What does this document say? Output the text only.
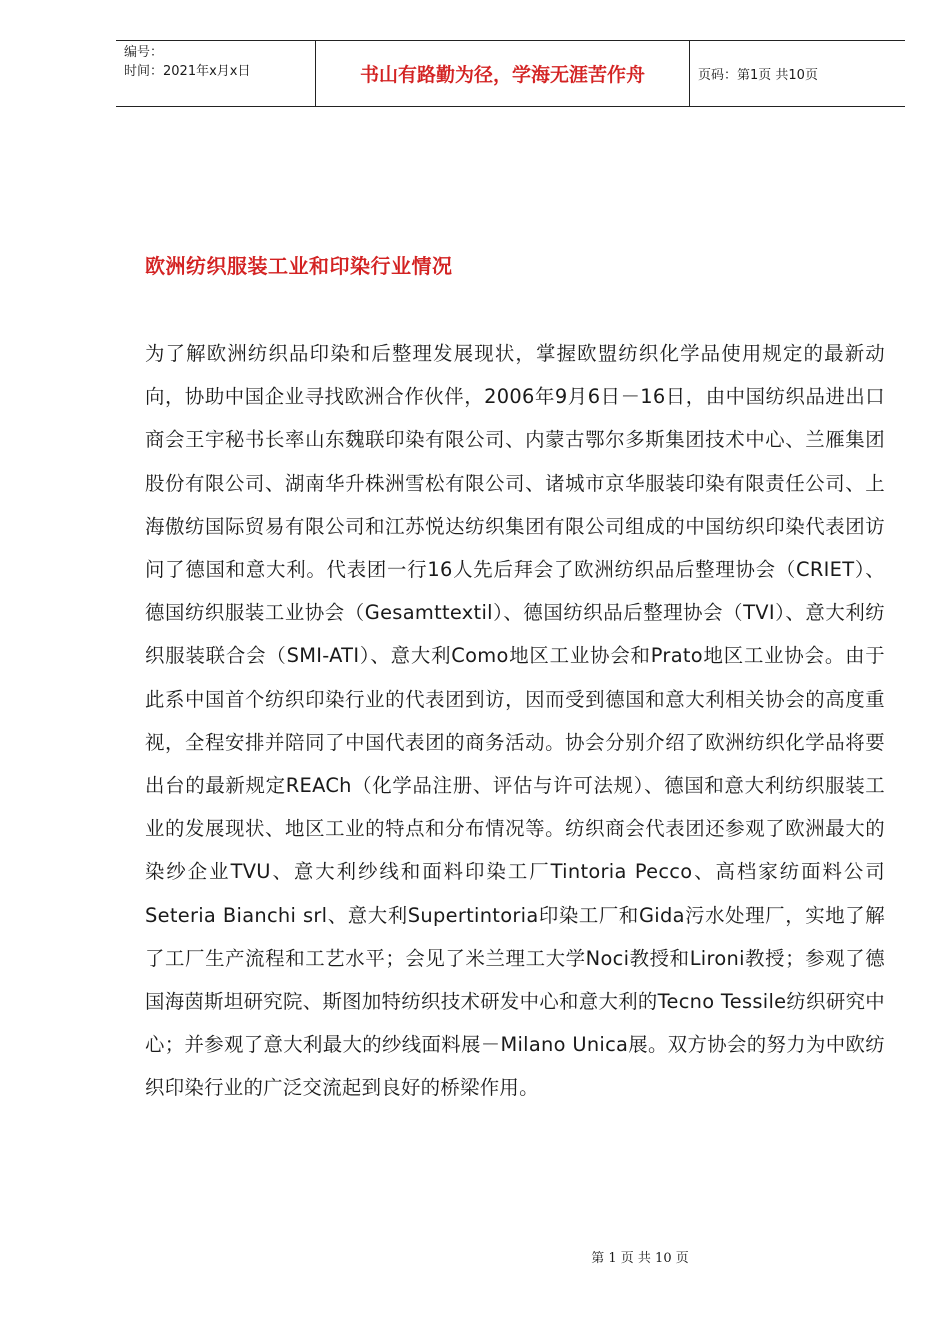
编号：
时间：2021年x月x日	书山有路勤为径，学海无涯苦作舟	页码：第1页 共10页
欧洲纺织服装工业和印染行业情况

为了解欧洲纺织品印染和后整理发展现状，掌握欧盟纺织化学品使用规定的最新动向，协助中国企业寻找欧洲合作伙伴，2006年9月6日－16日，由中国纺织品进出口商会王宇秘书长率山东魏联印染有限公司、内蒙古鄂尔多斯集团技术中心、兰雁集团股份有限公司、湖南华升株洲雪松有限公司、诸城市京华服装印染有限责任公司、上海傲纺国际贸易有限公司和江苏悦达纺织集团有限公司组成的中国纺织印染代表团访问了德国和意大利。代表团一行16人先后拜会了欧洲纺织品后整理协会（CRIET）、德国纺织服装工业协会（Gesamttextil）、德国纺织品后整理协会（TVI）、意大利纺织服装联合会（SMI-ATI）、意大利Como地区工业协会和Prato地区工业协会。由于此系中国首个纺织印染行业的代表团到访，因而受到德国和意大利相关协会的高度重视，全程安排并陪同了中国代表团的商务活动。协会分别介绍了欧洲纺织化学品将要出台的最新规定REACh（化学品注册、评估与许可法规）、德国和意大利纺织服装工业的发展现状、地区工业的特点和分布情况等。纺织商会代表团还参观了欧洲最大的染纱企业TVU、意大利纱线和面料印染工厂Tintoria Pecco、高档家纺面料公司Seteria Bianchi srl、意大利Supertintoria印染工厂和Gida污水处理厂，实地了解了工厂生产流程和工艺水平；会见了米兰理工大学Noci教授和Lironi教授；参观了德国海茵斯坦研究院、斯图加特纺织技术研发中心和意大利的Tecno Tessile纺织研究中心；并参观了意大利最大的纱线面料展－Milano Unica展。双方协会的努力为中欧纺织印染行业的广泛交流起到良好的桥梁作用。

第 1 页 共 10 页
